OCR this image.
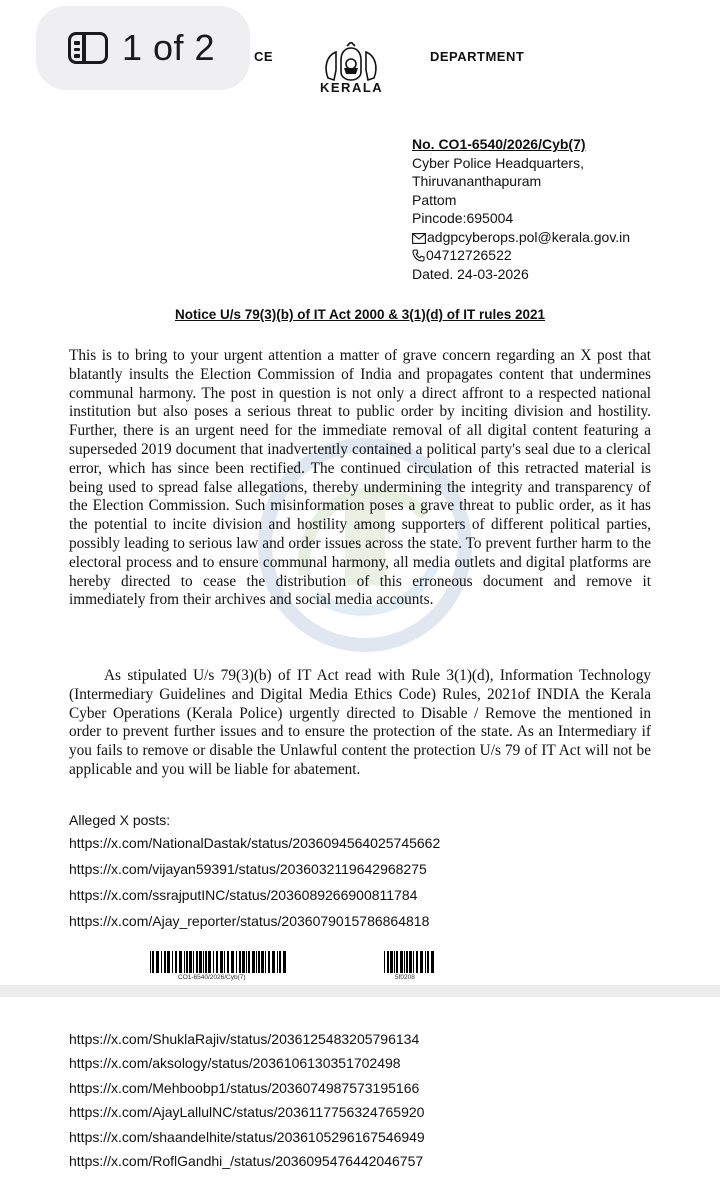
1 of 2	CE
KERALA
DEPARTMENT
No. CO1-6540/2026/Cyb(7)
Cyber Police Headquarters,
Thiruvananthapuram
Pattom
Pincode:695004
adgpcyberops.pol@kerala.gov.in
04712726522
Dated. 24-03-2026
Notice U/s 79(3)(b) of IT Act 2000 & 3(1)(d) of IT rules 2021

This is to bring to your urgent attention a matter of grave concern regarding an X post that blatantly insults the Election Commission of India and propagates content that undermines communal harmony. The post in question is not only a direct affront to a respected national institution but also poses a serious threat to public order by inciting division and hostility. Further, there is an urgent need for the immediate removal of all digital content featuring a superseded 2019 document that inadvertently contained a political party's seal due to a clerical error, which has since been rectified. The continued circulation of this retracted material is being used to spread false allegations, thereby undermining the integrity and transparency of the Election Commission. Such misinformation poses a grave threat to public order, as it has the potential to incite division and hostility among supporters of different political parties, possibly leading to serious law and order issues across the state. To prevent further harm to the electoral process and to ensure communal harmony, all media outlets and digital platforms are hereby directed to cease the distribution of this erroneous document and remove it immediately from their archives and social media accounts.

As stipulated U/s 79(3)(b) of IT Act read with Rule 3(1)(d), Information Technology (Intermediary Guidelines and Digital Media Ethics Code) Rules, 2021of INDIA the Kerala Cyber Operations (Kerala Police) urgently directed to Disable / Remove the mentioned in order to prevent further issues and to ensure the protection of the state. As an Intermediary if you fails to remove or disable the Unlawful content the protection U/s 79 of IT Act will not be applicable and you will be liable for abatement.

Alleged X posts:
https://x.com/NationalDastak/status/2036094564025745662
https://x.com/vijayan59391/status/2036032119642968275
https://x.com/ssrajputINC/status/2036089266900811784
https://x.com/Ajay_reporter/status/2036079015786864818
CO1-6540/2026/Cyb(7)	5f0208
https://x.com/ShuklaRajiv/status/2036125483205796134
https://x.com/aksology/status/2036106130351702498
https://x.com/Mehboobp1/status/2036074987573195166
https://x.com/AjayLallulNC/status/2036117756324765920
https://x.com/shaandelhite/status/2036105296167546949
https://x.com/RoflGandhi_/status/2036095476442046757
